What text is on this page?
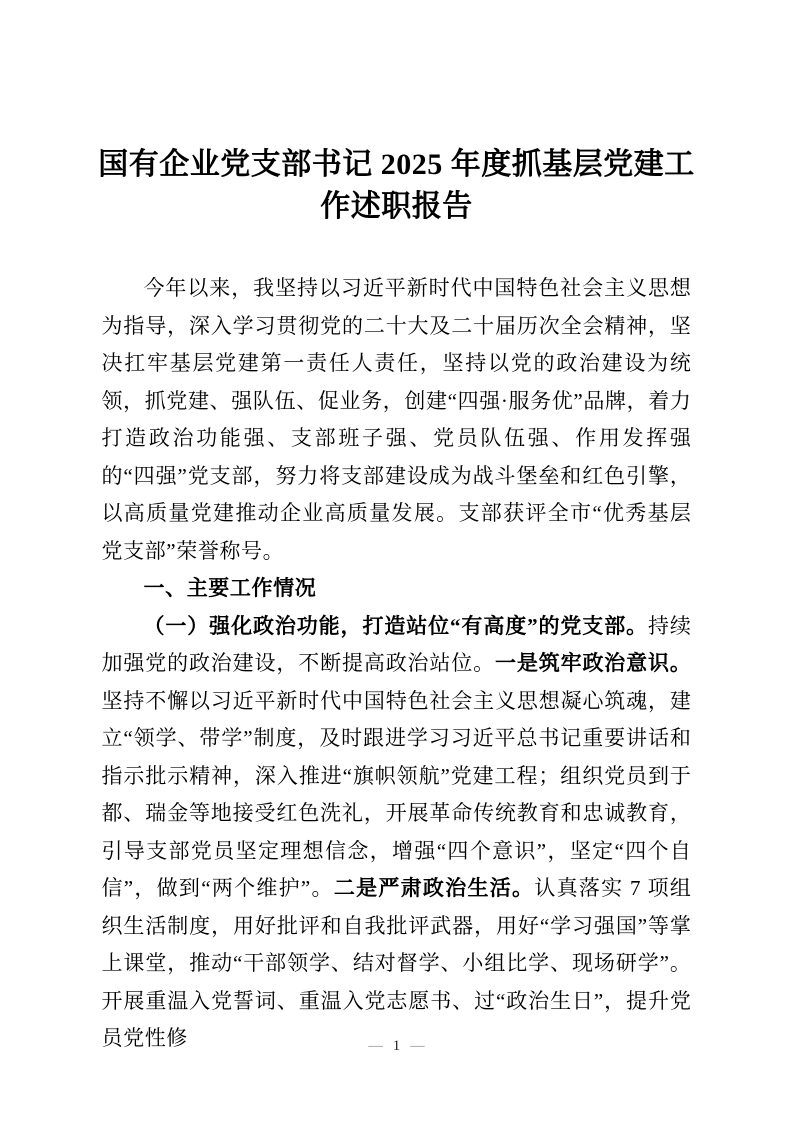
国有企业党支部书记 2025 年度抓基层党建工作述职报告

今年以来，我坚持以习近平新时代中国特色社会主义思想为指导，深入学习贯彻党的二十大及二十届历次全会精神，坚决扛牢基层党建第一责任人责任，坚持以党的政治建设为统领，抓党建、强队伍、促业务，创建“四强·服务优”品牌，着力打造政治功能强、支部班子强、党员队伍强、作用发挥强的“四强”党支部，努力将支部建设成为战斗堡垒和红色引擎，以高质量党建推动企业高质量发展。支部获评全市“优秀基层党支部”荣誉称号。

一、主要工作情况

（一）强化政治功能，打造站位“有高度”的党支部。持续加强党的政治建设，不断提高政治站位。一是筑牢政治意识。坚持不懈以习近平新时代中国特色社会主义思想凝心筑魂，建立“领学、带学”制度，及时跟进学习习近平总书记重要讲话和指示批示精神，深入推进“旗帜领航”党建工程；组织党员到于都、瑞金等地接受红色洗礼，开展革命传统教育和忠诚教育，引导支部党员坚定理想信念，增强“四个意识”，坚定“四个自信”，做到“两个维护”。二是严肃政治生活。认真落实 7 项组织生活制度，用好批评和自我批评武器，用好“学习强国”等掌上课堂，推动“干部领学、结对督学、小组比学、现场研学”。开展重温入党誓词、重温入党志愿书、过“政治生日”，提升党员党性修	— 1 —
